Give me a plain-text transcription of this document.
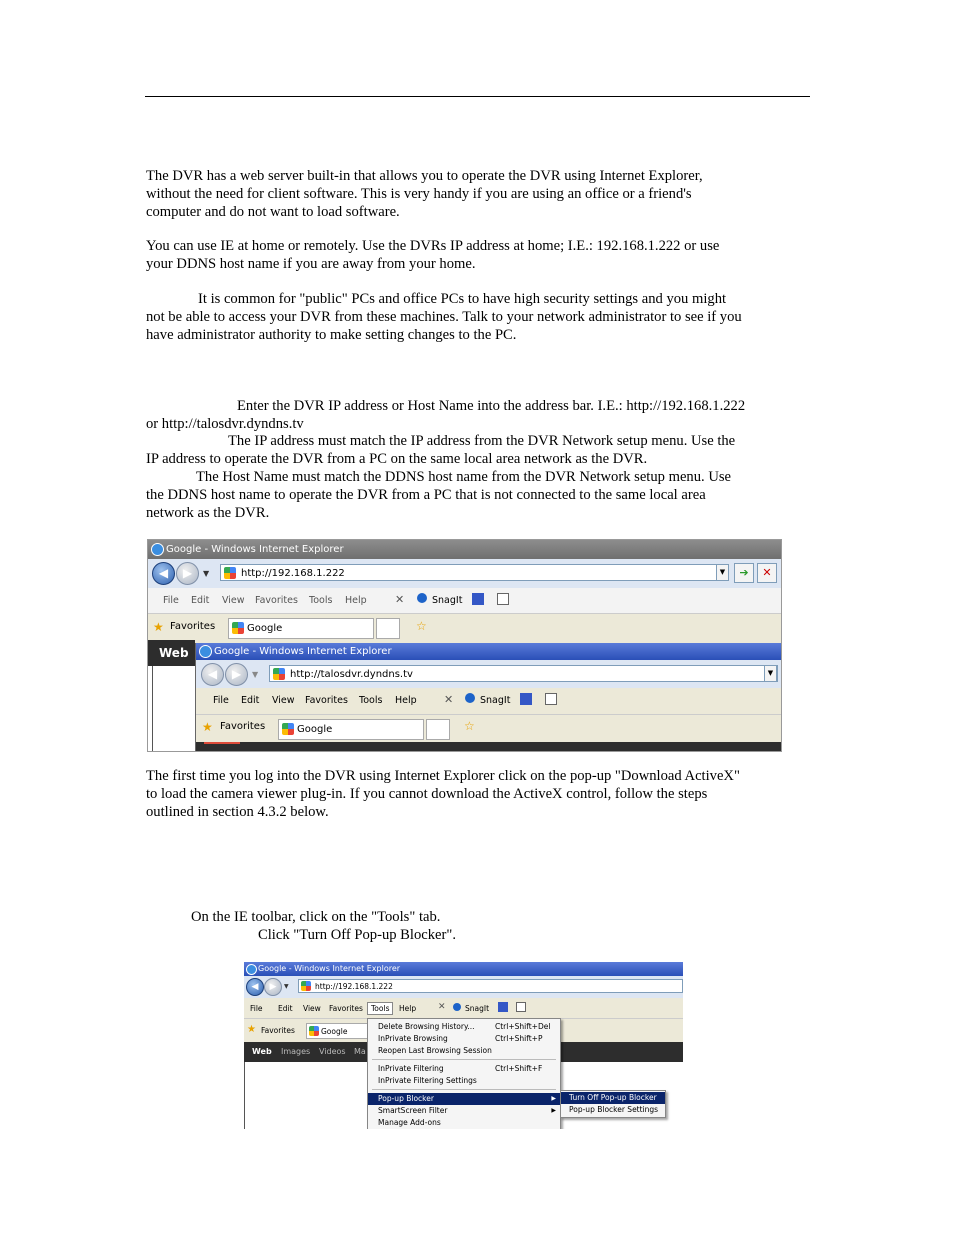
The DVR has a web server built-in that allows you to operate the DVR using Internet Explorer,
without the need for client software. This is very handy if you are using an office or a friend's
computer and do not want to load software.
You can use IE at home or remotely. Use the DVRs IP address at home; I.E.: 192.168.1.222 or use
your DDNS host name if you are away from your home.
It is common for "public" PCs and office PCs to have high security settings and you might
not be able to access your DVR from these machines. Talk to your network administrator to see if you
have administrator authority to make setting changes to the PC.
Enter the DVR IP address or Host Name into the address bar. I.E.: http://192.168.1.222
or http://talosdvr.dyndns.tv
The IP address must match the IP address from the DVR Network setup menu. Use the
IP address to operate the DVR from a PC on the same local area network as the DVR.
The Host Name must match the DDNS host name from the DVR Network setup menu. Use
the DDNS host name to operate the DVR from a PC that is not connected to the same local area
network as the DVR.
Google - Windows Internet Explorer
◀	▶	▼	http://192.168.1.222	▼	➔	✕
File Edit View Favorites Tools Help	✕	SnagIt
★ Favorites	Google	☆
Web	Google - Windows Internet Explorer
◀	▶	▼	http://talosdvr.dyndns.tv	▼
File Edit View Favorites Tools Help ✕	SnagIt
★ Favorites	Google	☆
The first time you log into the DVR using Internet Explorer click on the pop-up "Download ActiveX"
to load the camera viewer plug-in. If you cannot download the ActiveX control, follow the steps
outlined in section 4.3.2 below.
On the IE toolbar, click on the "Tools" tab.
Click "Turn Off Pop-up Blocker".
Google - Windows Internet Explorer
◀	▶	▼	http://192.168.1.222
File Edit View Favorites	Tools	Help ✕	SnagIt
★ Favorites	Google
Web Images Videos Ma
Delete Browsing History...	Ctrl+Shift+Del
InPrivate Browsing	Ctrl+Shift+P
Reopen Last Browsing Session
InPrivate Filtering	Ctrl+Shift+F
InPrivate Filtering Settings
Pop-up Blocker	▶
SmartScreen Filter	▶
Manage Add-ons
Turn Off Pop-up Blocker
Pop-up Blocker Settings
